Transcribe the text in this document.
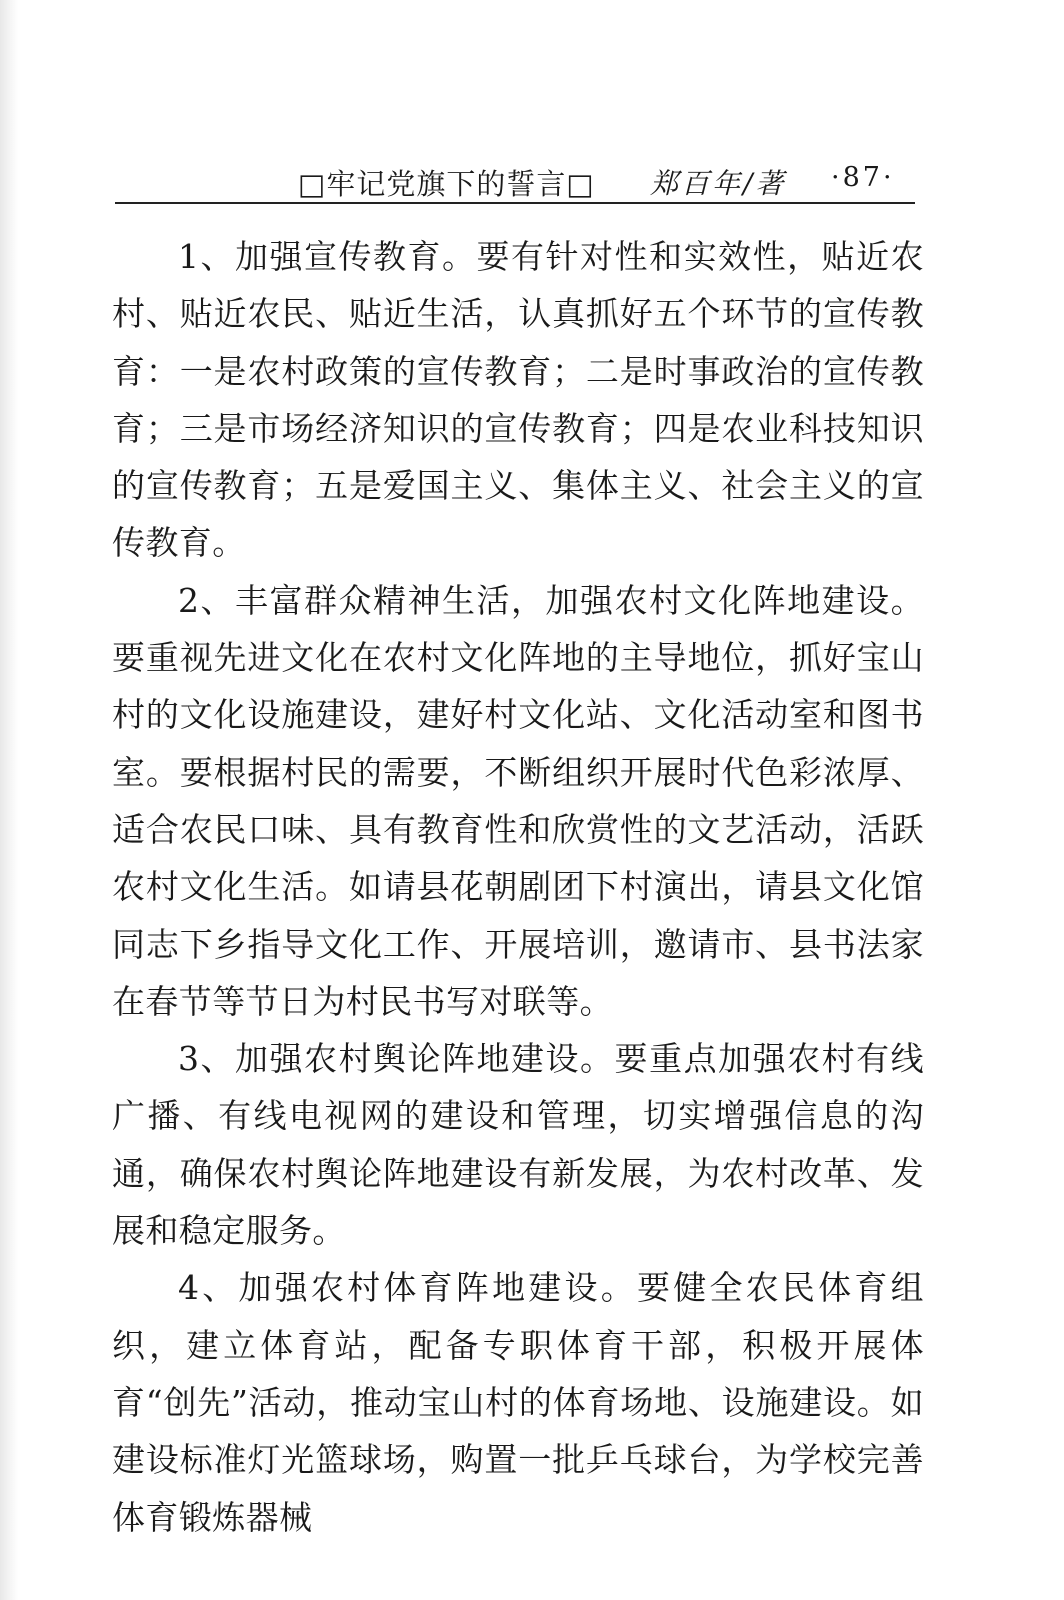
□牢记党旗下的誓言□ 郑百年/著 ·87·

1、加强宣传教育。要有针对性和实效性，贴近农村、贴近农民、贴近生活，认真抓好五个环节的宣传教育：一是农村政策的宣传教育；二是时事政治的宣传教育；三是市场经济知识的宣传教育；四是农业科技知识的宣传教育；五是爱国主义、集体主义、社会主义的宣传教育。

2、丰富群众精神生活，加强农村文化阵地建设。要重视先进文化在农村文化阵地的主导地位，抓好宝山村的文化设施建设，建好村文化站、文化活动室和图书室。要根据村民的需要，不断组织开展时代色彩浓厚、适合农民口味、具有教育性和欣赏性的文艺活动，活跃农村文化生活。如请县花朝剧团下村演出，请县文化馆同志下乡指导文化工作、开展培训，邀请市、县书法家在春节等节日为村民书写对联等。

3、加强农村舆论阵地建设。要重点加强农村有线广播、有线电视网的建设和管理，切实增强信息的沟通，确保农村舆论阵地建设有新发展，为农村改革、发展和稳定服务。

4、加强农村体育阵地建设。要健全农民体育组织，建立体育站，配备专职体育干部，积极开展体育“创先”活动，推动宝山村的体育场地、设施建设。如建设标准灯光篮球场，购置一批乒乓球台，为学校完善体育锻炼器械
